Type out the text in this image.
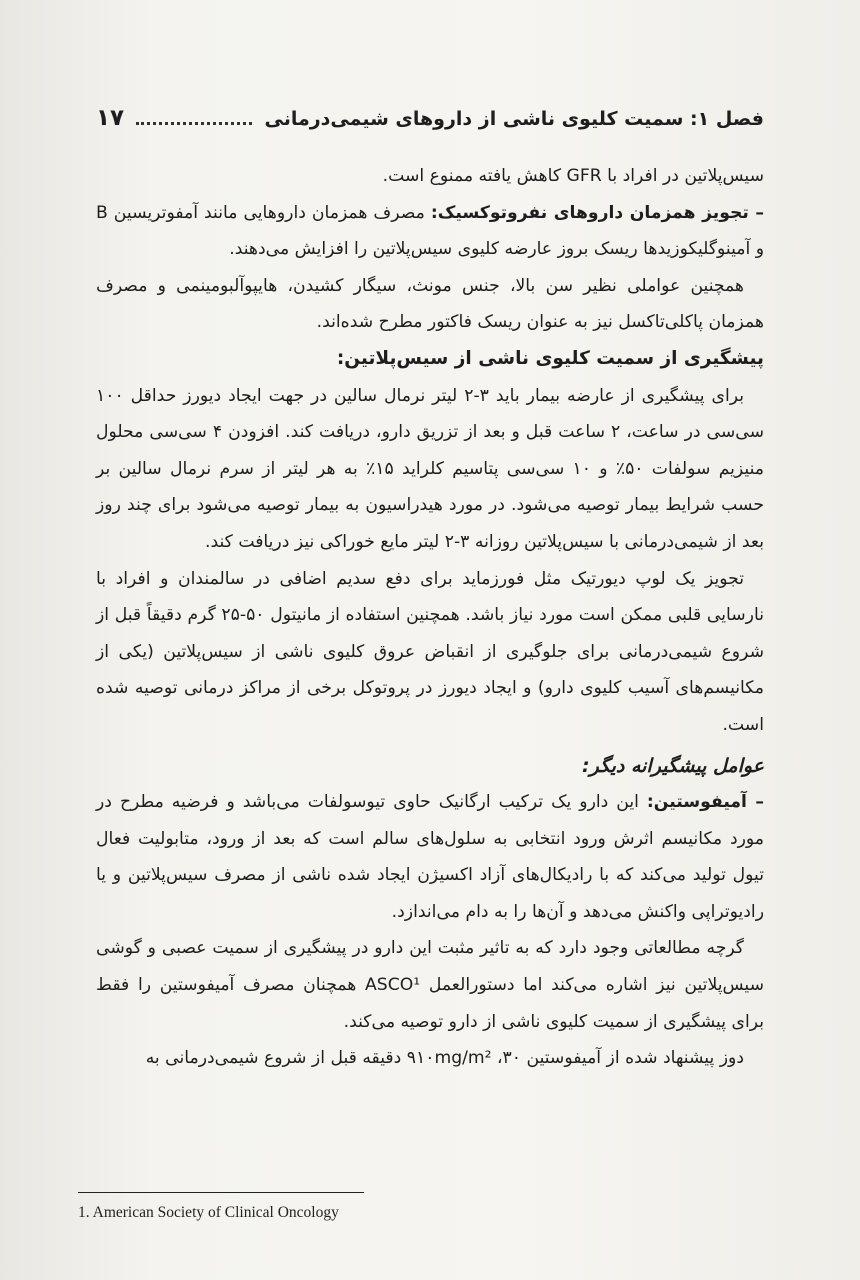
۱۷	فصل ۱: سمیت کلیوی ناشی از داروهای شیمی‌درمانی

سیس‌پلاتین در افراد با GFR کاهش یافته ممنوع است.

– تجویز همزمان داروهای نفروتوکسیک: مصرف همزمان داروهایی مانند آمفوتریسین B و آمینوگلیکوزیدها ریسک بروز عارضه کلیوی سیس‌پلاتین را افزایش می‌دهند.

همچنین عواملی نظیر سن بالا، جنس مونث، سیگار کشیدن، هایپوآلبومینمی و مصرف همزمان پاکلی‌تاکسل نیز به عنوان ریسک فاکتور مطرح شده‌اند.

پیشگیری از سمیت کلیوی ناشی از سیس‌پلاتین:

برای پیشگیری از عارضه بیمار باید ۳-۲ لیتر نرمال سالین در جهت ایجاد دیورز حداقل ۱۰۰ سی‌سی در ساعت، ۲ ساعت قبل و بعد از تزریق دارو، دریافت کند. افزودن ۴ سی‌سی محلول منیزیم سولفات ۵۰٪ و ۱۰ سی‌سی پتاسیم کلراید ۱۵٪ به هر لیتر از سرم نرمال سالین بر حسب شرایط بیمار توصیه می‌شود. در مورد هیدراسیون به بیمار توصیه می‌شود برای چند روز بعد از شیمی‌درمانی با سیس‌پلاتین روزانه ۳-۲ لیتر مایع خوراکی نیز دریافت کند.

تجویز یک لوپ دیورتیک مثل فورزماید برای دفع سدیم اضافی در سالمندان و افراد با نارسایی قلبی ممکن است مورد نیاز باشد. همچنین استفاده از مانیتول ۵۰-۲۵ گرم دقیقاً قبل از شروع شیمی‌درمانی برای جلوگیری از انقباض عروق کلیوی ناشی از سیس‌پلاتین (یکی از مکانیسم‌های آسیب کلیوی دارو) و ایجاد دیورز در پروتوکل برخی از مراکز درمانی توصیه شده است.

عوامل پیشگیرانه دیگر:

– آمیفوستین: این دارو یک ترکیب ارگانیک حاوی تیوسولفات می‌باشد و فرضیه مطرح در مورد مکانیسم اثرش ورود انتخابی به سلول‌های سالم است که بعد از ورود، متابولیت فعال تیول تولید می‌کند که با رادیکال‌های آزاد اکسیژن ایجاد شده ناشی از مصرف سیس‌پلاتین و یا رادیوتراپی واکنش می‌دهد و آن‌ها را به دام می‌اندازد.

گرچه مطالعاتی وجود دارد که به تاثیر مثبت این دارو در پیشگیری از سمیت عصبی و گوشی سیس‌پلاتین نیز اشاره می‌کند اما دستورالعمل ASCO¹ همچنان مصرف آمیفوستین را فقط برای پیشگیری از سمیت کلیوی ناشی از دارو توصیه می‌کند.

دوز پیشنهاد شده از آمیفوستین ۹۱۰mg/m² ،۳۰ دقیقه قبل از شروع شیمی‌درمانی به

1. American Society of Clinical Oncology
